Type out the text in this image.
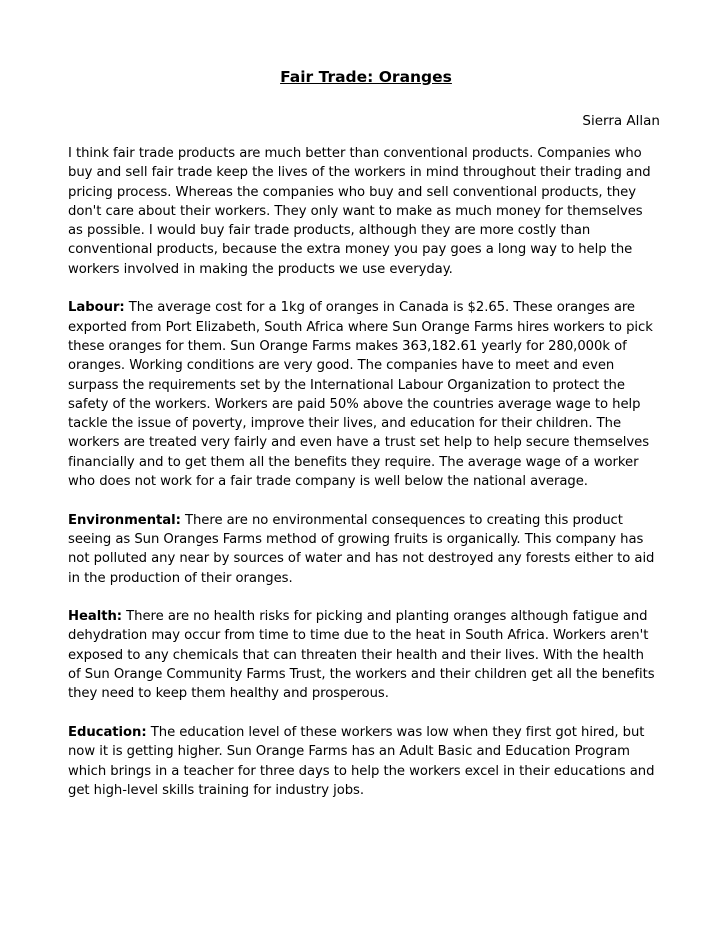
Fair Trade: Oranges

Sierra Allan

I think fair trade products are much better than conventional products. Companies who buy and sell fair trade keep the lives of the workers in mind throughout their trading and pricing process. Whereas the companies who buy and sell conventional products, they don't care about their workers. They only want to make as much money for themselves as possible. I would buy fair trade products, although they are more costly than conventional products, because the extra money you pay goes a long way to help the workers involved in making the products we use everyday.

Labour: The average cost for a 1kg of oranges in Canada is $2.65. These oranges are exported from Port Elizabeth, South Africa where Sun Orange Farms hires workers to pick these oranges for them. Sun Orange Farms makes 363,182.61 yearly for 280,000k of oranges. Working conditions are very good. The companies have to meet and even surpass the requirements set by the International Labour Organization to protect the safety of the workers. Workers are paid 50% above the countries average wage to help tackle the issue of poverty, improve their lives, and education for their children. The workers are treated very fairly and even have a trust set help to help secure themselves financially and to get them all the benefits they require. The average wage of a worker who does not work for a fair trade company is well below the national average.

Environmental: There are no environmental consequences to creating this product seeing as Sun Oranges Farms method of growing fruits is organically. This company has not polluted any near by sources of water and has not destroyed any forests either to aid in the production of their oranges.

Health: There are no health risks for picking and planting oranges although fatigue and dehydration may occur from time to time due to the heat in South Africa. Workers aren't exposed to any chemicals that can threaten their health and their lives. With the health of Sun Orange Community Farms Trust, the workers and their children get all the benefits they need to keep them healthy and prosperous.

Education: The education level of these workers was low when they first got hired, but now it is getting higher. Sun Orange Farms has an Adult Basic and Education Program which brings in a teacher for three days to help the workers excel in their educations and get high-level skills training for industry jobs.
